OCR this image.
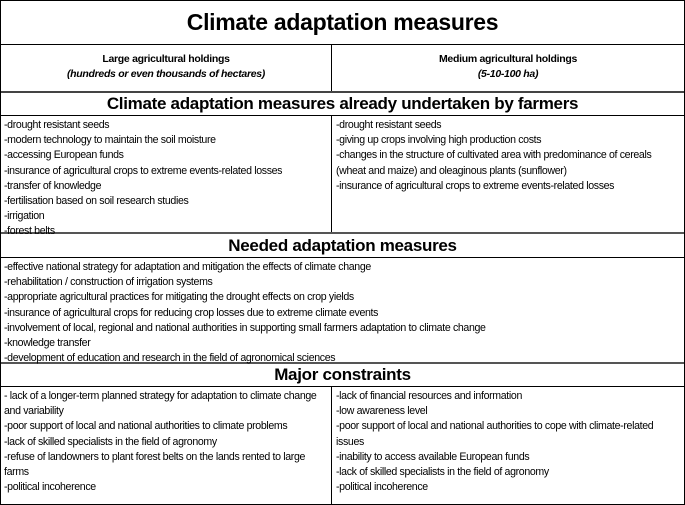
Climate adaptation measures
Large agricultural holdings
(hundreds or even thousands of hectares)
Medium agricultural holdings
(5-10-100 ha)
Climate adaptation measures already undertaken by farmers
-drought resistant seeds
-modern technology to maintain the soil moisture
-accessing European funds
-insurance of agricultural crops to extreme events-related losses
-transfer of knowledge
-fertilisation based on soil research studies
-irrigation
-forest belts
-drought resistant seeds
-giving up crops involving high production costs
-changes in the structure of cultivated area with predominance of cereals (wheat and maize) and oleaginous plants (sunflower)
-insurance of agricultural crops to extreme events-related losses
Needed adaptation measures
-effective national strategy for adaptation and mitigation the effects of climate change
-rehabilitation / construction of irrigation systems
-appropriate agricultural practices for mitigating the drought effects on crop yields
-insurance of agricultural crops for reducing crop losses due to extreme climate events
-involvement of local, regional and national authorities in supporting small farmers adaptation to climate change
-knowledge transfer
-development of education and research in the field of agronomical sciences
Major constraints
- lack of a longer-term planned strategy for adaptation to climate change and variability
-poor support of local and national authorities to climate problems
-lack of skilled specialists in the field of agronomy
-refuse of landowners to plant forest belts on the lands rented to large farms
-political incoherence
-lack of financial resources and information
-low awareness level
-poor support of local and national authorities to cope with climate-related issues
-inability to access available European funds
-lack of skilled specialists in the field of agronomy
-political incoherence
